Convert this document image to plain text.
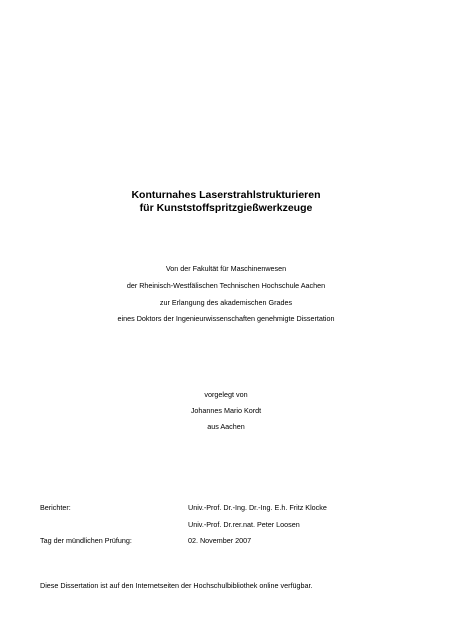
Konturnahes Laserstrahlstrukturieren
für Kunststoffspritzgießwerkzeuge
Von der Fakultät für Maschinenwesen
der Rheinisch-Westfälischen Technischen Hochschule Aachen
zur Erlangung des akademischen Grades
eines Doktors der Ingenieurwissenschaften genehmigte Dissertation
vorgelegt von
Johannes Mario Kordt
aus Aachen
Berichter:	Univ.-Prof. Dr.-Ing. Dr.-Ing. E.h. Fritz Klocke
Univ.-Prof. Dr.rer.nat. Peter Loosen
Tag der mündlichen Prüfung:	02. November 2007
Diese Dissertation ist auf den Internetseiten der Hochschulbibliothek online verfügbar.
